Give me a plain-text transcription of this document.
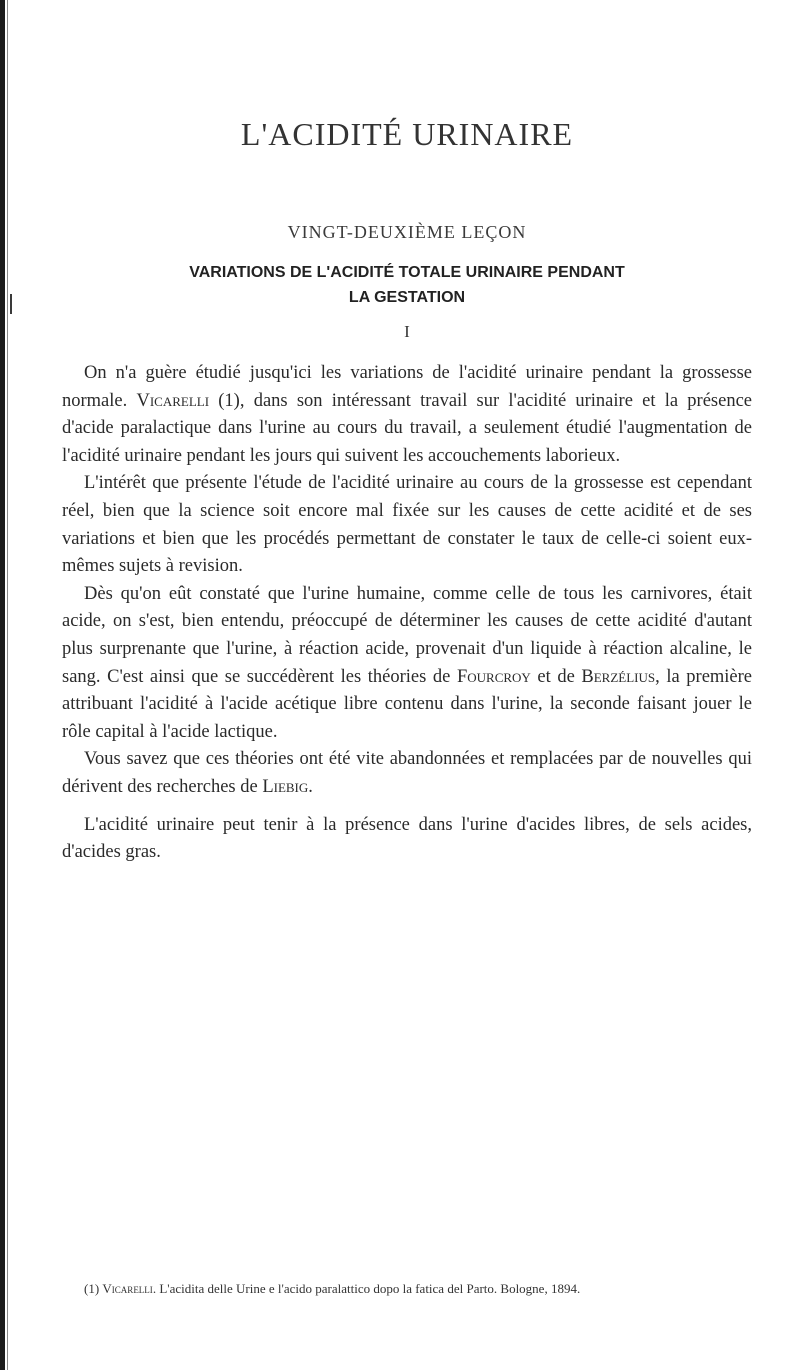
L'ACIDITÉ URINAIRE
VINGT-DEUXIÈME LEÇON
VARIATIONS DE L'ACIDITÉ TOTALE URINAIRE PENDANT
LA GESTATION
I

On n'a guère étudié jusqu'ici les variations de l'acidité urinaire pendant la grossesse normale. Vicarelli (1), dans son intéressant travail sur l'acidité urinaire et la présence d'acide paralactique dans l'urine au cours du travail, a seulement étudié l'augmentation de l'acidité urinaire pendant les jours qui suivent les accouchements laborieux.

L'intérêt que présente l'étude de l'acidité urinaire au cours de la grossesse est cependant réel, bien que la science soit encore mal fixée sur les causes de cette acidité et de ses variations et bien que les procédés permettant de constater le taux de celle-ci soient eux-mêmes sujets à revision.

Dès qu'on eût constaté que l'urine humaine, comme celle de tous les carnivores, était acide, on s'est, bien entendu, préoccupé de déterminer les causes de cette acidité d'autant plus surprenante que l'urine, à réaction acide, provenait d'un liquide à réaction alcaline, le sang. C'est ainsi que se succédèrent les théories de Fourcroy et de Berzélius, la première attribuant l'acidité à l'acide acétique libre contenu dans l'urine, la seconde faisant jouer le rôle capital à l'acide lactique.

Vous savez que ces théories ont été vite abandonnées et remplacées par de nouvelles qui dérivent des recherches de Liebig.

L'acidité urinaire peut tenir à la présence dans l'urine d'acides libres, de sels acides, d'acides gras.

(1) Vicarelli. L'acidita delle Urine e l'acido paralattico dopo la fatica del Parto. Bologne, 1894.
